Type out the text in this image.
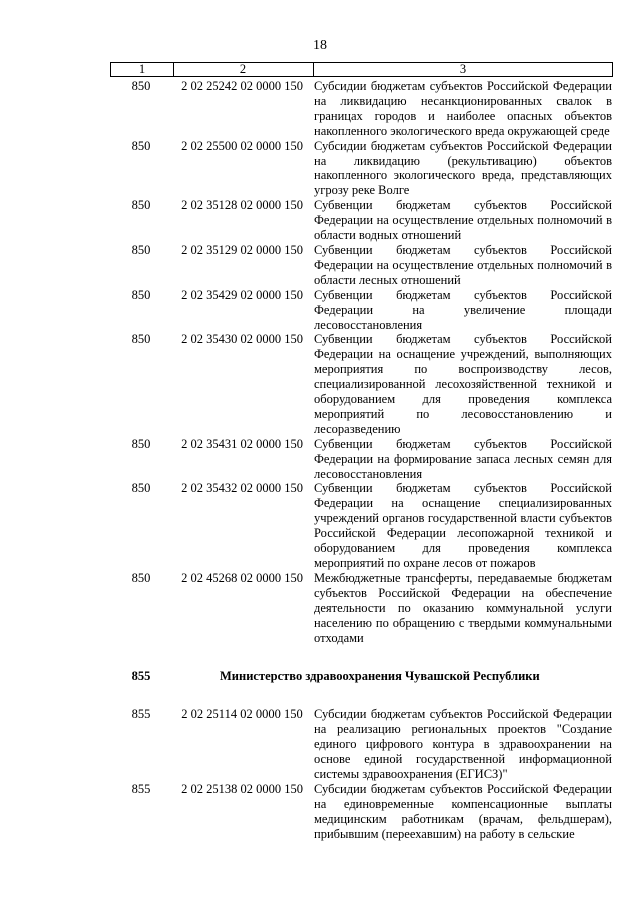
18
1	2	3
850	2 02 25242 02 0000 150 Субсидии бюджетам субъектов Российской Федерации на ликвидацию несанкционированных свалок в границах городов и наиболее опасных объектов накопленного экологического вреда окружающей среде
850	2 02 25500 02 0000 150 Субсидии бюджетам субъектов Российской Федерации на ликвидацию (рекультивацию) объектов накопленного экологического вреда, представляющих угрозу реке Волге
850	2 02 35128 02 0000 150 Субвенции бюджетам субъектов Российской Федерации на осуществление отдельных полномочий в области водных отношений
850	2 02 35129 02 0000 150 Субвенции бюджетам субъектов Российской Федерации на осуществление отдельных полномочий в области лесных отношений
850	2 02 35429 02 0000 150 Субвенции бюджетам субъектов Российской Федерации на увеличение площади лесовосстановления
850	2 02 35430 02 0000 150 Субвенции бюджетам субъектов Российской Федерации на оснащение учреждений, выполняющих мероприятия по воспроизводству лесов, специализированной лесохозяйственной техникой и оборудованием для проведения комплекса мероприятий по лесовосстановлению и лесоразведению
850	2 02 35431 02 0000 150 Субвенции бюджетам субъектов Российской Федерации на формирование запаса лесных семян для лесовосстановления
850	2 02 35432 02 0000 150 Субвенции бюджетам субъектов Российской Федерации на оснащение специализированных учреждений органов государственной власти субъектов Российской Федерации лесопожарной техникой и оборудованием для проведения комплекса мероприятий по охране лесов от пожаров
850	2 02 45268 02 0000 150 Межбюджетные трансферты, передаваемые бюджетам субъектов Российской Федерации на обеспечение деятельности по оказанию коммунальной услуги населению по обращению с твердыми коммунальными отходами
855	Министерство здравоохранения Чувашской Республики
855	2 02 25114 02 0000 150 Субсидии бюджетам субъектов Российской Федерации на реализацию региональных проектов "Создание единого цифрового контура в здравоохранении на основе единой государственной информационной системы здравоохранения (ЕГИСЗ)"
855	2 02 25138 02 0000 150 Субсидии бюджетам субъектов Российской Федерации на единовременные компенсационные выплаты медицинским работникам (врачам, фельдшерам), прибывшим (переехавшим) на работу в сельские
